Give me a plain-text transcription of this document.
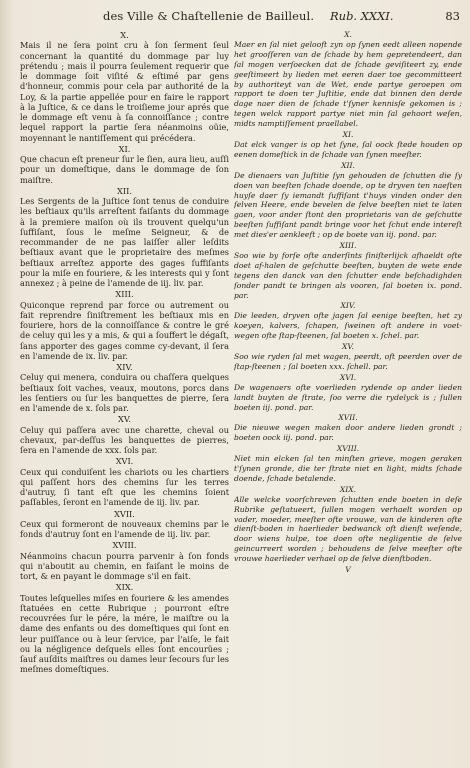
des Ville & Chaſtellenie de Bailleul. Rub. XXXI.	83

X.

Mais il ne ſera point cru à ſon ſerment ſeul concernant la quantité du dommage par luy prétendu ; mais il pourra ſeulement requerir que le dommage ſoit viſité & eſtimé par gens d'honneur, commis pour cela par authorité de la Loy, & la partie appellée pour en faire le rapport à la Juſtice, & ce dans le troiſieme jour aprés que le dommage eſt venu à ſa connoiſſance ; contre lequel rapport la partie ſera néanmoins oüie, moyennant le nantiſſement qui précédera.

XI.

Que chacun eſt preneur ſur le ſien, aura lieu, auſſi pour un domeſtique, dans le dommage de ſon maiſtre.

XII.

Les Sergents de la Juſtice ſont tenus de conduire les beſtiaux qu'ils arreſtent faiſants du dommage à la premiere maiſon où ils trouvent quelqu'un ſuffiſant, ſous le meſme Seigneur, & de recommander de ne pas laiſſer aller leſdits beſtiaux avant que le proprietaire des meſmes beſtiaux arreſtez apporte des gages ſuffiſants pour la miſe en fouriere, & les interests qui y ſont annexez ; à peine de l'amende de iij. liv. par.

XIII.

Quiconque reprend par force ou autrement ou fait reprendre ſiniſtrement les beſtiaux mis en fouriere, hors de la connoiſſance & contre le gré de celuy qui les y a mis, & qui a ſouffert le dégaſt, ſans apporter des gages comme cy-devant, il ſera en l'amende de ix. liv. par.

XIV.

Celuy qui menera, conduira ou chaſſera quelques beſtiaux ſoit vaches, veaux, moutons, porcs dans les ſentiers ou ſur les banquettes de pierre, ſera en l'amende de x. ſols par.

XV.

Celuy qui paſſera avec une charette, cheval ou chevaux, par-deſſus les banquettes de pierres, ſera en l'amende de xxx. ſols par.

XVI.

Ceux qui conduiſent les chariots ou les chartiers qui paſſent hors des chemins ſur les terres d'autruy, ſi tant eſt que les chemins ſoient paſſables, ſeront en l'amende de iij. liv. par.

XVII.

Ceux qui formeront de nouveaux chemins par le fonds d'autruy ſont en l'amende de iij. liv. par.

XVIII.

Néanmoins chacun pourra parvenir à ſon fonds qui n'aboutit au chemin, en faiſant le moins de tort, & en payant le dommage s'il en fait.

XIX.

Toutes leſquelles miſes en fouriere & les amendes ſtatuées en cette Rubrique ; pourront eſtre recouvrées ſur le pére, la mére, le maiſtre ou la dame des enfants ou des domeſtiques qui ſont en leur puiſſance ou à leur ſervice, par l'aiſe, le fait ou la négligence deſquels elles ſont encourües ; ſauf auſdits maiſtres ou dames leur ſecours ſur les meſmes domeſtiques.

X.

Maer en ſal niet gelooft zyn op ſynen eedt alleen nopende het grooſſeren van de ſchade by hem gepretendeert, dan ſal mogen verſoecken dat de ſchade geviſiteert zy, ende geeſtimeert by lieden met eeren daer toe gecommitteert by authoriteyt van de Wet, ende partye geroepen om rapport te doen ter Juſtitie, ende dat binnen den derde dage naer dien de ſchade t'ſyner kennisſe gekomen is ; tegen welck rapport partye niet min ſal gehoort weſen, midts namptiſſement praellabel.

XI.

Dat elck vanger is op het ſyne, ſal oock ſtede houden op eenen domeſtick in de ſchade van ſynen meeſter.

XII.

De dienaers van Juſtitie ſyn gehouden de ſchutten die ſy doen van beeſten ſchade doende, op te dryven ten naeſten huyſe daer ſy iemandt ſuffiſant t'huys vinden onder den ſelven Heere, ende bevelen de ſelve beeſten niet te laten gaen, voor ander ſtont den proprietaris van de geſchutte beeſten ſuffiſant pandt bringe voor het ſchut ende intereſt met dies'er aenkleeft ; op de boete van iij. pond. par.

XIII.

Soo wie by forſe ofte anderſints ſiniſterlijck afhaeldt ofte doet af-halen de geſchutte beeſten, buyten de wete ende tegens den danck van den ſchutter ende beſchadighden ſonder pandt te bringen als vooren, ſal boeten ix. pond. par.

XIV.

Die leeden, dryven ofte jagen ſal eenige beeſten, het zy koeyen, kalvers, ſchapen, ſweinen oft andere in voet-wegen ofte ſtap-ſteenen, ſal boeten x. ſchel. par.

XV.

Soo wie ryden ſal met wagen, peerdt, oft peerden over de ſtap-ſteenen ; ſal boeten xxx. ſchell. par.

XVI.

De wagenaers ofte voerlieden rydende op ander lieden landt buyten de ſtrate, ſoo verre die rydelyck is ; ſullen boeten iij. pond. par.

XVII.

Die nieuwe wegen maken door andere lieden grondt ; boeten oock iij. pond. par.

XVIII.

Niet min elcken ſal ten minſten grieve, mogen geraken t'ſynen gronde, die ter ſtrate niet en light, midts ſchade doende, ſchade betalende.

XIX.

Alle welcke voorſchreven ſchutten ende boeten in deſe Rubrike geſtatueert, ſullen mogen verhaelt worden op vader, moeder, meeſter ofte vrouwe, van de kinderen ofte dienſt-boden in haerlieder bedwanck oft dienſt weſende, door wiens hulpe, toe doen ofte negligentie de ſelve geincurreert worden ; behoudens de ſelve meeſter ofte vrouwe haerlieder verhael op de ſelve dienſtboden.

V
